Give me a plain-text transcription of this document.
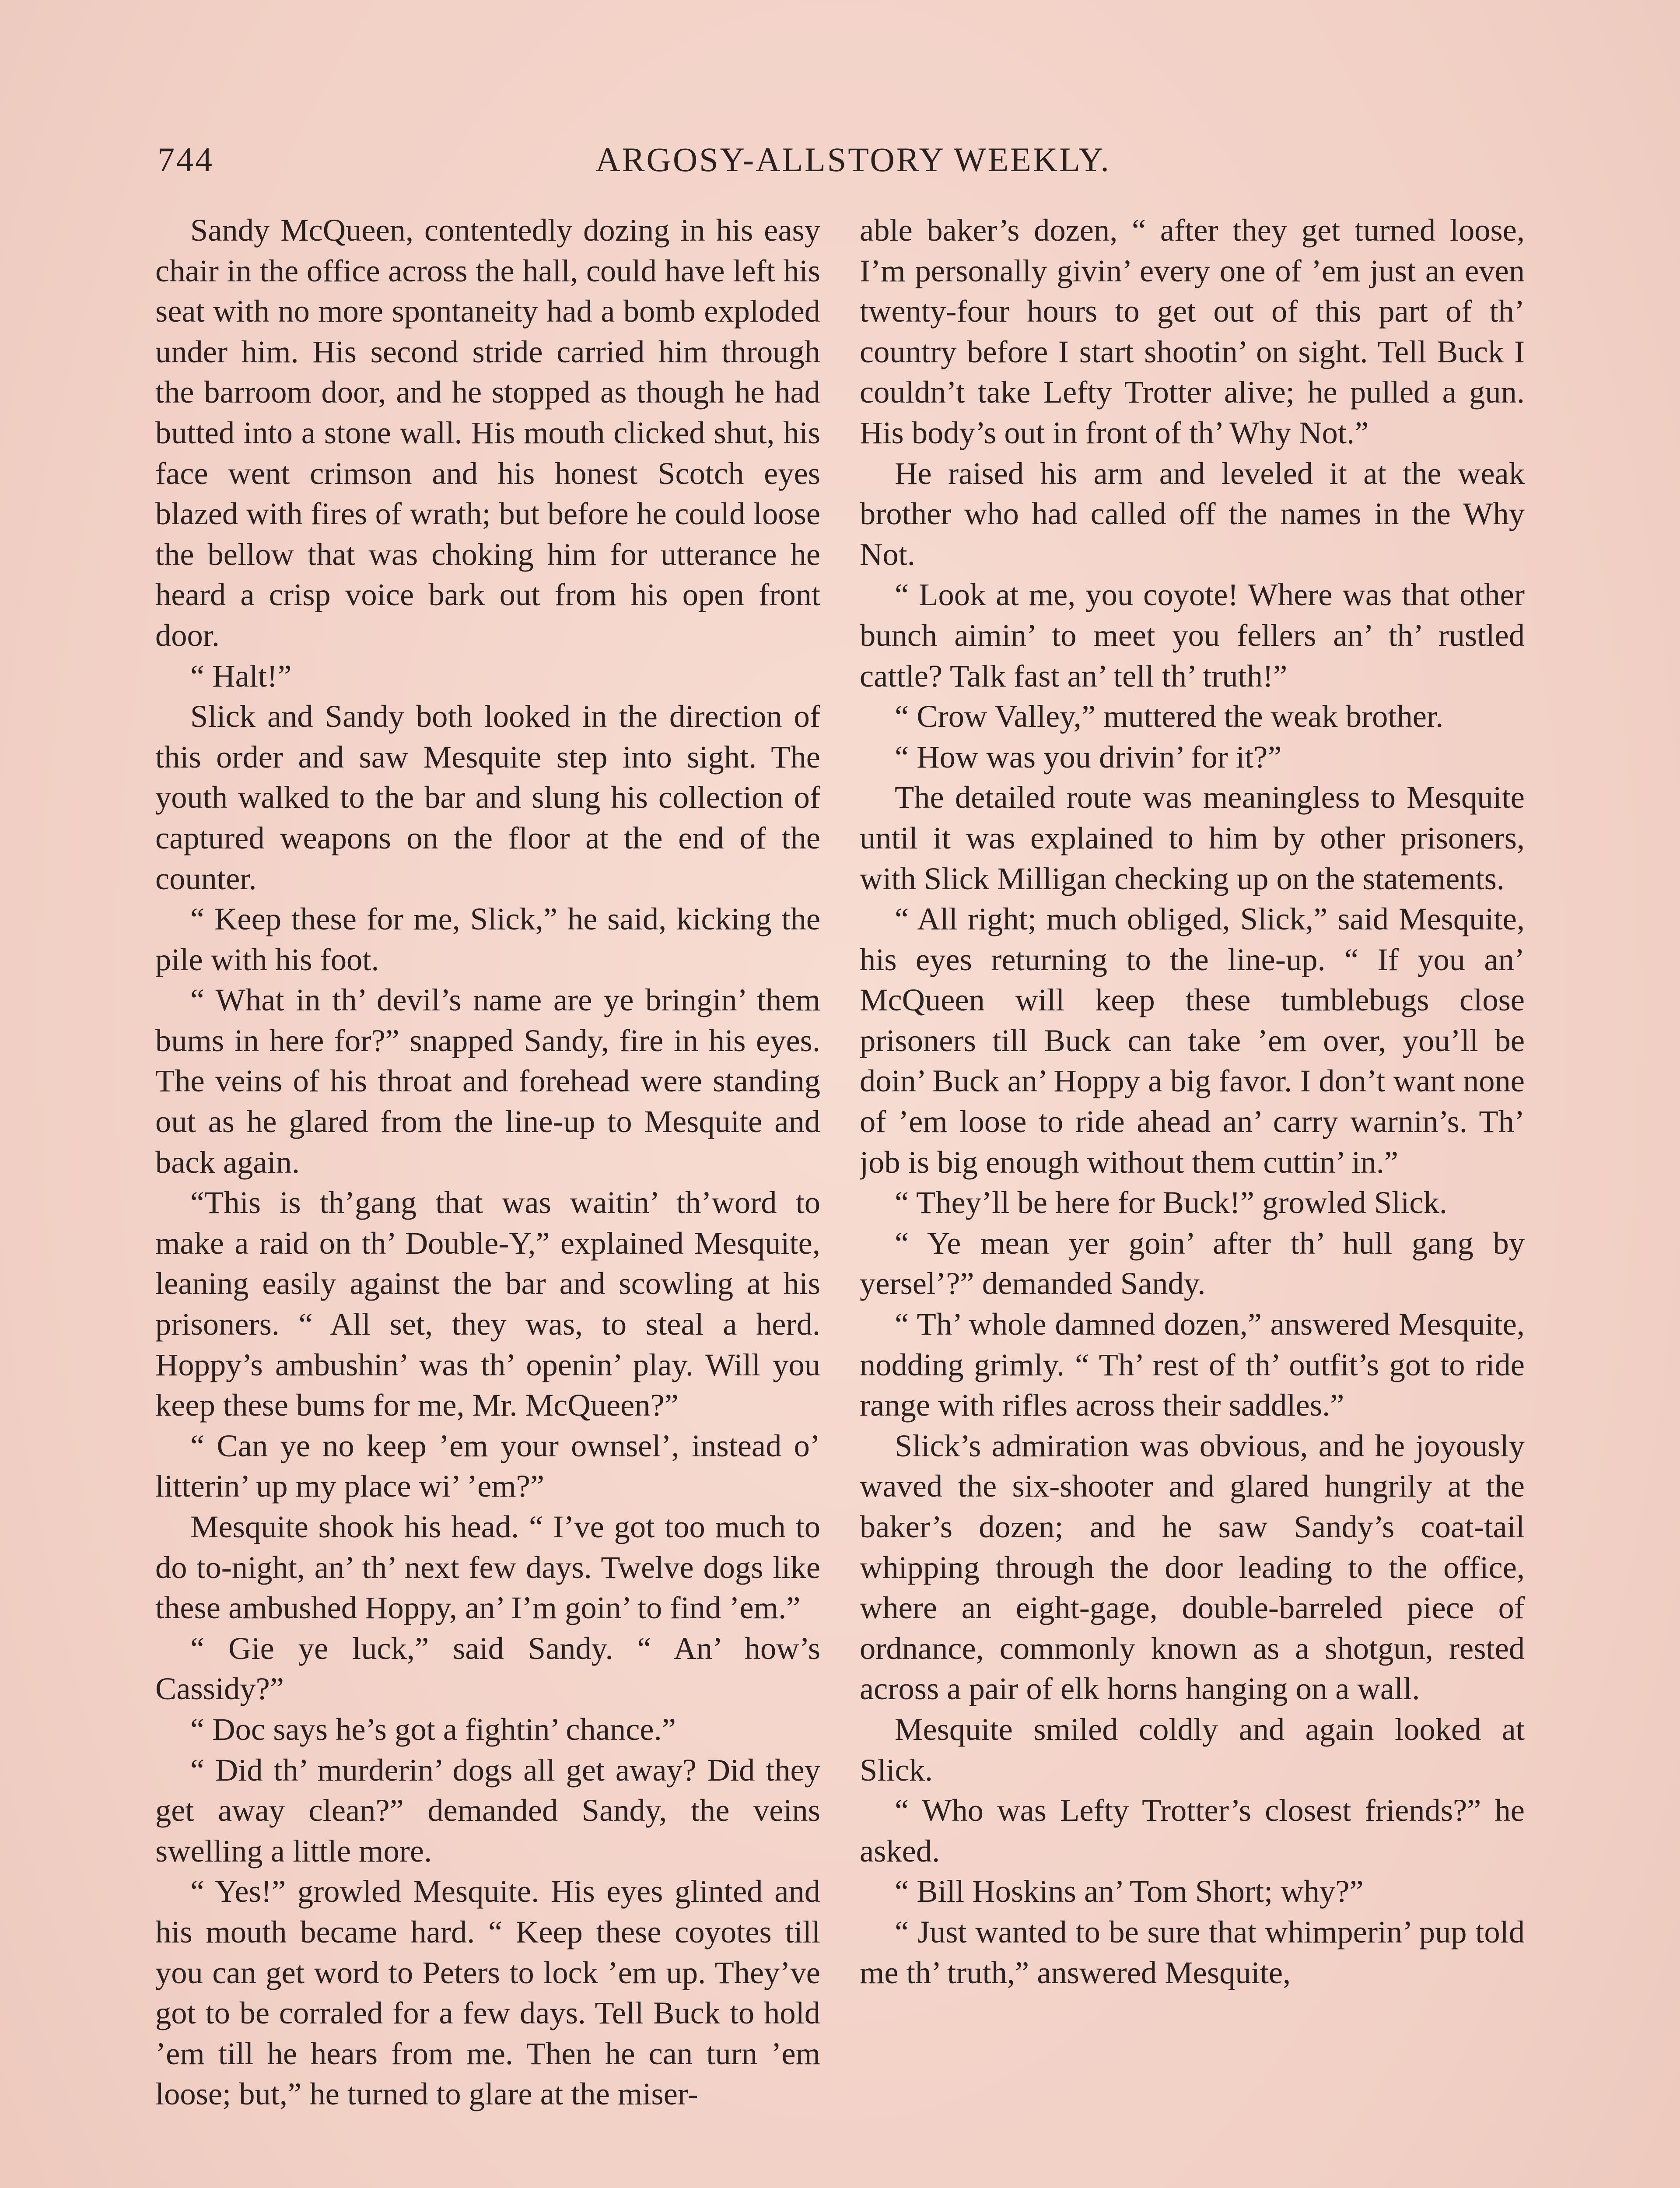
744	ARGOSY-ALLSTORY WEEKLY.

Sandy McQueen, contentedly dozing in his easy chair in the office across the hall, could have left his seat with no more spontaneity had a bomb exploded under him. His second stride carried him through the barroom door, and he stopped as though he had butted into a stone wall. His mouth clicked shut, his face went crimson and his honest Scotch eyes blazed with fires of wrath; but before he could loose the bellow that was choking him for utterance he heard a crisp voice bark out from his open front door.

“ Halt!”

Slick and Sandy both looked in the direction of this order and saw Mesquite step into sight. The youth walked to the bar and slung his collection of captured weapons on the floor at the end of the counter.

“ Keep these for me, Slick,” he said, kicking the pile with his foot.

“ What in th’ devil’s name are ye bringin’ them bums in here for?” snapped Sandy, fire in his eyes. The veins of his throat and forehead were standing out as he glared from the line-up to Mesquite and back again.

“This is th’gang that was waitin’ th’word to make a raid on th’ Double-Y,” explained Mesquite, leaning easily against the bar and scowling at his prisoners. “ All set, they was, to steal a herd. Hoppy’s ambushin’ was th’ openin’ play. Will you keep these bums for me, Mr. McQueen?”

“ Can ye no keep ’em your ownsel’, instead o’ litterin’ up my place wi’ ’em?”

Mesquite shook his head. “ I’ve got too much to do to-night, an’ th’ next few days. Twelve dogs like these ambushed Hoppy, an’ I’m goin’ to find ’em.”

“ Gie ye luck,” said Sandy. “ An’ how’s Cassidy?”

“ Doc says he’s got a fightin’ chance.”

“ Did th’ murderin’ dogs all get away? Did they get away clean?” demanded Sandy, the veins swelling a little more.

“ Yes!” growled Mesquite. His eyes glinted and his mouth became hard. “ Keep these coyotes till you can get word to Peters to lock ’em up. They’ve got to be corraled for a few days. Tell Buck to hold ’em till he hears from me. Then he can turn ’em loose; but,” he turned to glare at the miser-

able baker’s dozen, “ after they get turned loose, I’m personally givin’ every one of ’em just an even twenty-four hours to get out of this part of th’ country before I start shootin’ on sight. Tell Buck I couldn’t take Lefty Trotter alive; he pulled a gun. His body’s out in front of th’ Why Not.”

He raised his arm and leveled it at the weak brother who had called off the names in the Why Not.

“ Look at me, you coyote! Where was that other bunch aimin’ to meet you fellers an’ th’ rustled cattle? Talk fast an’ tell th’ truth!”

“ Crow Valley,” muttered the weak brother.

“ How was you drivin’ for it?”

The detailed route was meaningless to Mesquite until it was explained to him by other prisoners, with Slick Milligan checking up on the statements.

“ All right; much obliged, Slick,” said Mesquite, his eyes returning to the line-up. “ If you an’ McQueen will keep these tumblebugs close prisoners till Buck can take ’em over, you’ll be doin’ Buck an’ Hoppy a big favor. I don’t want none of ’em loose to ride ahead an’ carry warnin’s. Th’ job is big enough without them cuttin’ in.”

“ They’ll be here for Buck!” growled Slick.

“ Ye mean yer goin’ after th’ hull gang by yersel’?” demanded Sandy.

“ Th’ whole damned dozen,” answered Mesquite, nodding grimly. “ Th’ rest of th’ outfit’s got to ride range with rifles across their saddles.”

Slick’s admiration was obvious, and he joyously waved the six-shooter and glared hungrily at the baker’s dozen; and he saw Sandy’s coat-tail whipping through the door leading to the office, where an eight-gage, double-barreled piece of ordnance, commonly known as a shotgun, rested across a pair of elk horns hanging on a wall.

Mesquite smiled coldly and again looked at Slick.

“ Who was Lefty Trotter’s closest friends?” he asked.

“ Bill Hoskins an’ Tom Short; why?”

“ Just wanted to be sure that whimperin’ pup told me th’ truth,” answered Mesquite,
